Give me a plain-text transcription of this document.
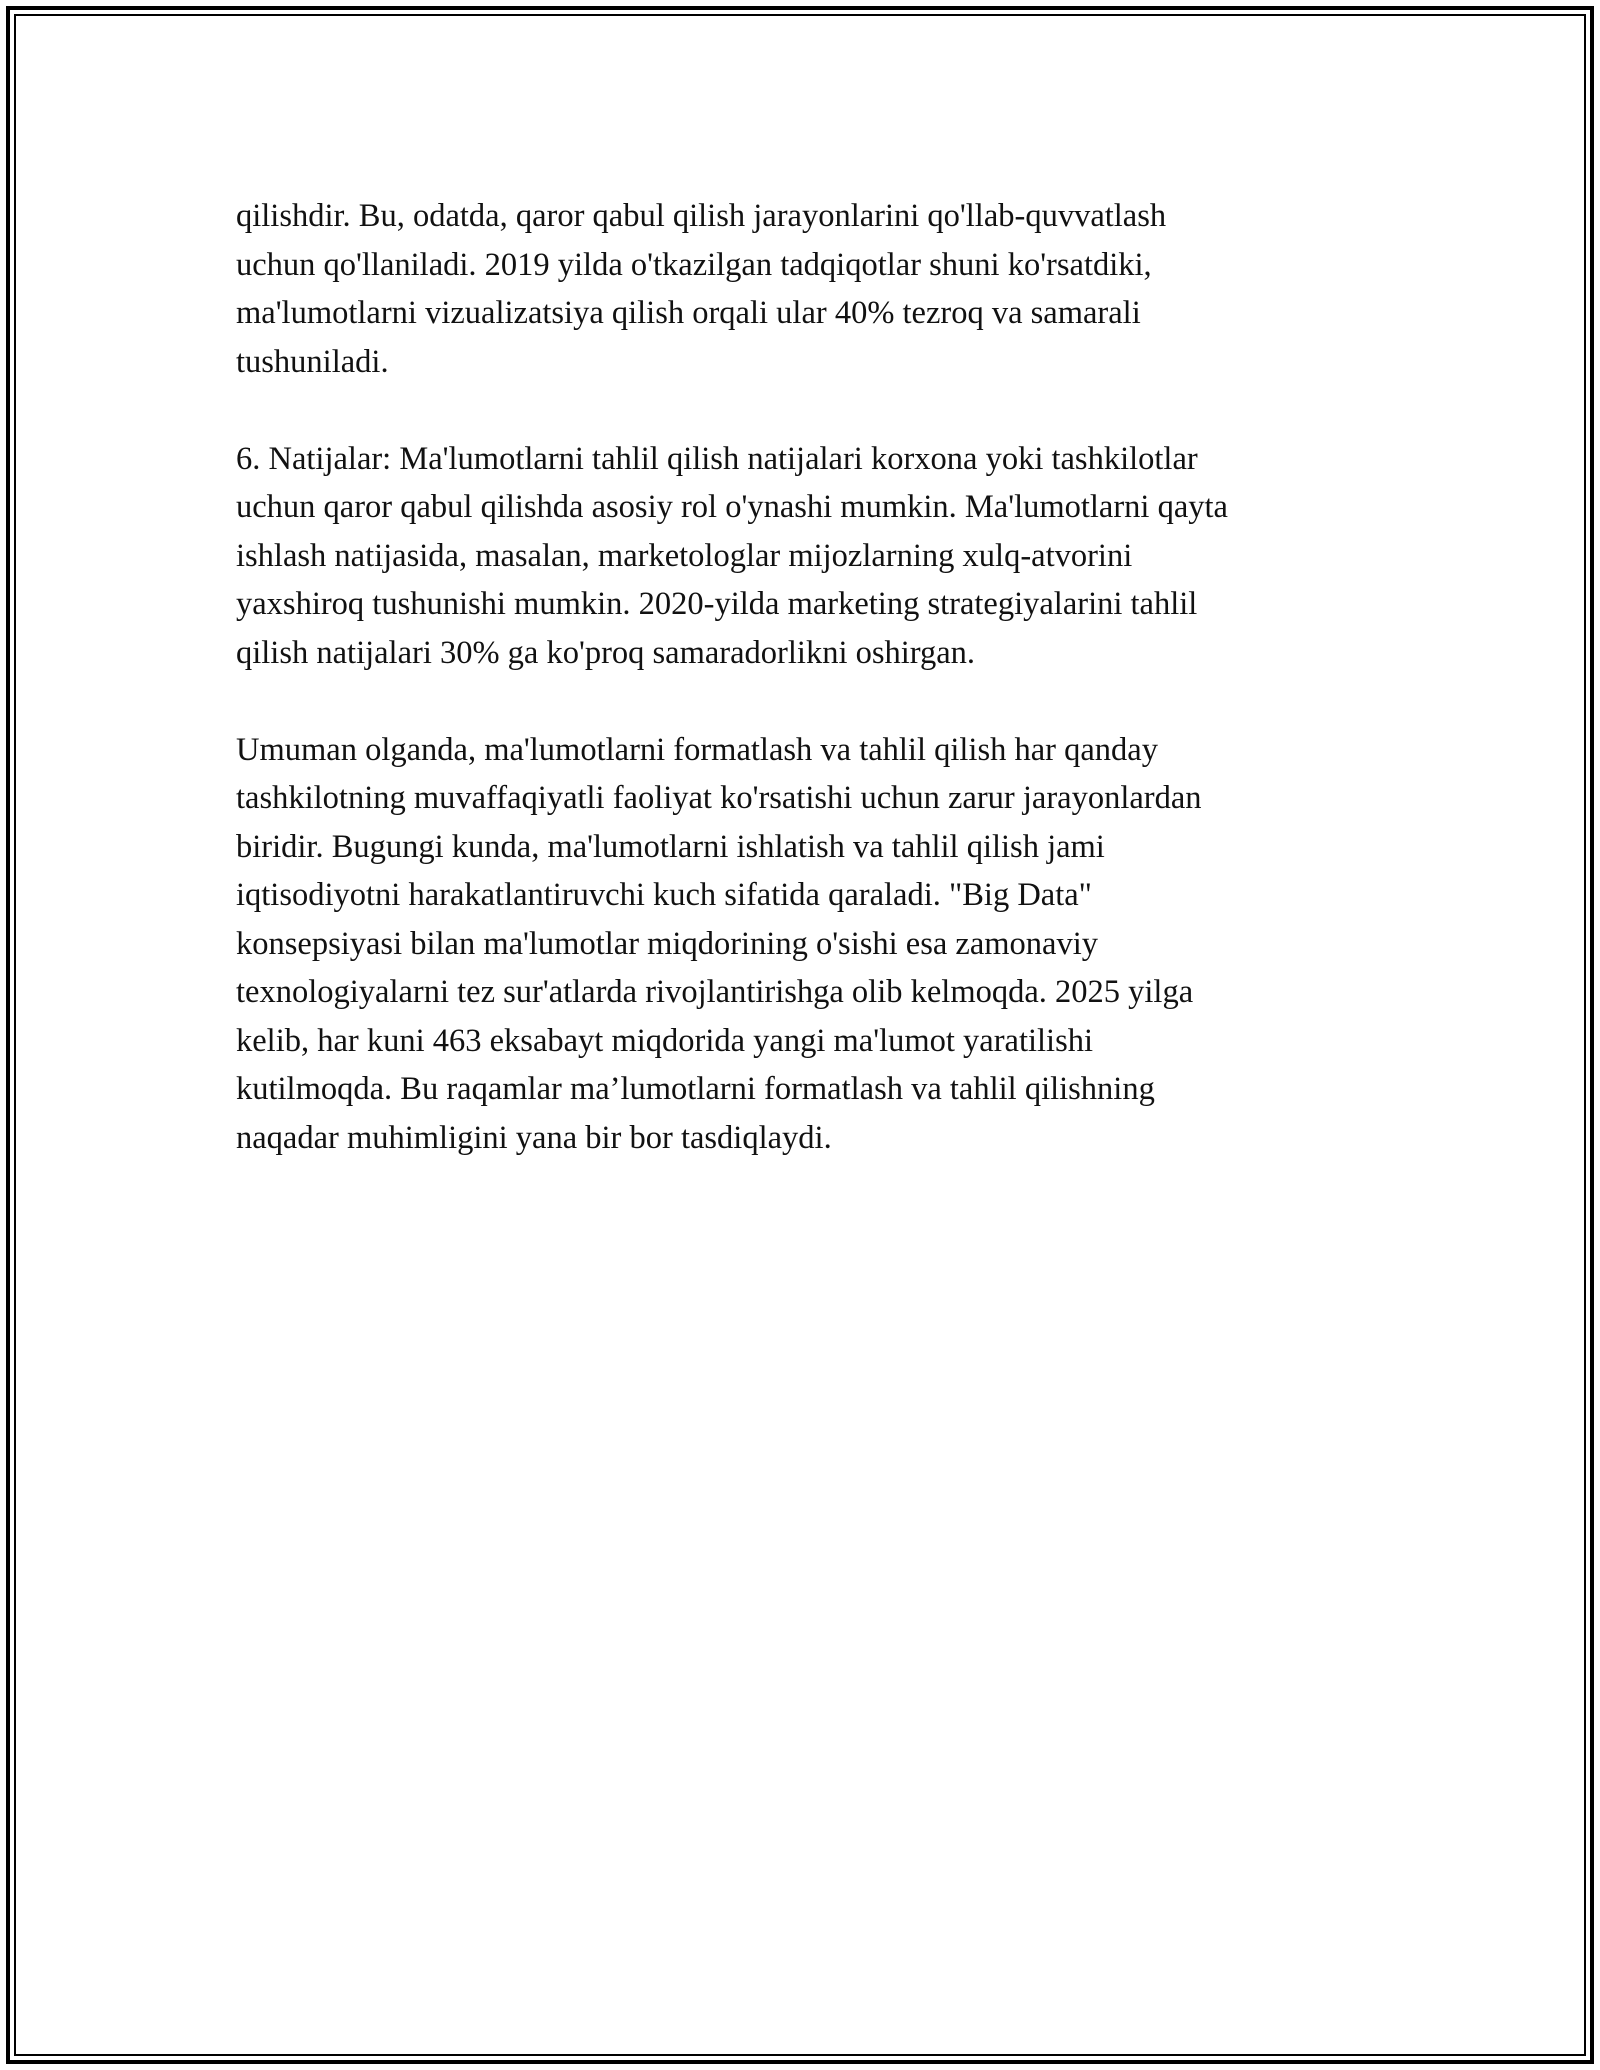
qilishdir. Bu, odatda, qaror qabul qilish jarayonlarini qo'llab-quvvatlash
uchun qo'llaniladi. 2019 yilda o'tkazilgan tadqiqotlar shuni ko'rsatdiki,
ma'lumotlarni vizualizatsiya qilish orqali ular 40% tezroq va samarali
tushuniladi.

6. Natijalar: Ma'lumotlarni tahlil qilish natijalari korxona yoki tashkilotlar
uchun qaror qabul qilishda asosiy rol o'ynashi mumkin. Ma'lumotlarni qayta
ishlash natijasida, masalan, marketologlar mijozlarning xulq-atvorini
yaxshiroq tushunishi mumkin. 2020-yilda marketing strategiyalarini tahlil
qilish natijalari 30% ga ko'proq samaradorlikni oshirgan.

Umuman olganda, ma'lumotlarni formatlash va tahlil qilish har qanday
tashkilotning muvaffaqiyatli faoliyat ko'rsatishi uchun zarur jarayonlardan
biridir. Bugungi kunda, ma'lumotlarni ishlatish va tahlil qilish jami
iqtisodiyotni harakatlantiruvchi kuch sifatida qaraladi. "Big Data"
konsepsiyasi bilan ma'lumotlar miqdorining o'sishi esa zamonaviy
texnologiyalarni tez sur'atlarda rivojlantirishga olib kelmoqda. 2025 yilga
kelib, har kuni 463 eksabayt miqdorida yangi ma'lumot yaratilishi
kutilmoqda. Bu raqamlar ma’lumotlarni formatlash va tahlil qilishning
naqadar muhimligini yana bir bor tasdiqlaydi.
